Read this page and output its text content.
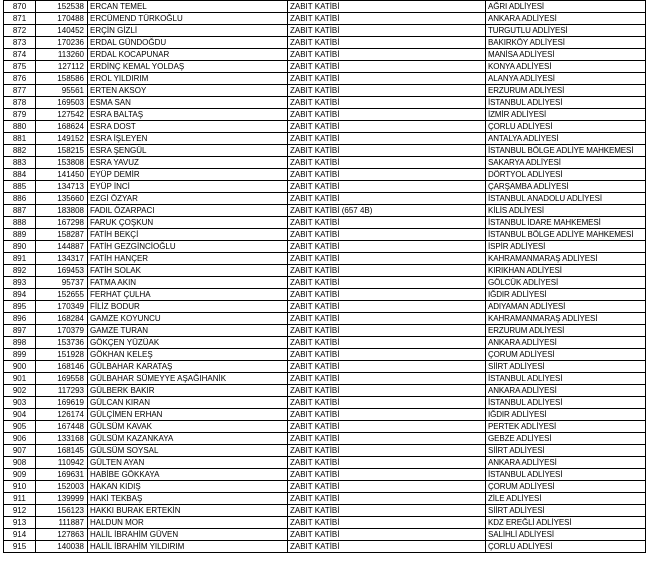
870	152538	ERCAN TEMEL	ZABIT KATİBİ	AĞRI ADLİYESİ
871	170488	ERCÜMEND TÜRKOĞLU	ZABIT KATİBİ	ANKARA ADLİYESİ
872	140452	ERÇİN GİZLİ	ZABIT KATİBİ	TURGUTLU ADLİYESİ
873	170236	ERDAL GÜNDOĞDU	ZABIT KATİBİ	BAKIRKÖY ADLİYESİ
874	113260	ERDAL KOCAPUNAR	ZABIT KATİBİ	MANİSA ADLİYESİ
875	127112	ERDİNÇ KEMAL YOLDAŞ	ZABIT KATİBİ	KONYA ADLİYESİ
876	158586	EROL YILDIRIM	ZABIT KATİBİ	ALANYA ADLİYESİ
877	95561	ERTEN AKSOY	ZABIT KATİBİ	ERZURUM ADLİYESİ
878	169503	ESMA SAN	ZABIT KATİBİ	İSTANBUL ADLİYESİ
879	127542	ESRA BALTAŞ	ZABIT KATİBİ	İZMİR ADLİYESİ
880	168624	ESRA DOST	ZABIT KATİBİ	ÇORLU ADLİYESİ
881	149152	ESRA İŞLEYEN	ZABIT KATİBİ	ANTALYA ADLİYESİ
882	158215	ESRA ŞENGÜL	ZABIT KATİBİ	İSTANBUL BÖLGE ADLİYE MAHKEMESİ
883	153808	ESRA YAVUZ	ZABIT KATİBİ	SAKARYA ADLİYESİ
884	141450	EYÜP DEMİR	ZABIT KATİBİ	DÖRTYOL ADLİYESİ
885	134713	EYÜP İNCİ	ZABIT KATİBİ	ÇARŞAMBA ADLİYESİ
886	135660	EZGİ ÖZYAR	ZABIT KATİBİ	İSTANBUL ANADOLU ADLİYESİ
887	183808	FADIL ÖZARPACI	ZABIT KATİBİ (657 4B)	KİLİS ADLİYESİ
888	167298	FARUK ÇOŞKUN	ZABIT KATİBİ	İSTANBUL İDARE MAHKEMESİ
889	158287	FATİH BEKÇİ	ZABIT KATİBİ	İSTANBUL BÖLGE ADLİYE MAHKEMESİ
890	144887	FATİH GEZGİNCİOĞLU	ZABIT KATİBİ	İSPİR ADLİYESİ
891	134317	FATİH HANÇER	ZABIT KATİBİ	KAHRAMANMARAŞ ADLİYESİ
892	169453	FATİH SOLAK	ZABIT KATİBİ	KIRIKHAN ADLİYESİ
893	95737	FATMA AKIN	ZABIT KATİBİ	GÖLCÜK ADLİYESİ
894	152655	FERHAT ÇULHA	ZABIT KATİBİ	IĞDIR ADLİYESİ
895	170349	FİLİZ BODUR	ZABIT KATİBİ	ADIYAMAN ADLİYESİ
896	168284	GAMZE KOYUNCU	ZABIT KATİBİ	KAHRAMANMARAŞ ADLİYESİ
897	170379	GAMZE TURAN	ZABIT KATİBİ	ERZURUM ADLİYESİ
898	153736	GÖKÇEN YÜZÜAK	ZABIT KATİBİ	ANKARA ADLİYESİ
899	151928	GÖKHAN KELEŞ	ZABIT KATİBİ	ÇORUM ADLİYESİ
900	168146	GÜLBAHAR KARATAŞ	ZABIT KATİBİ	SİİRT ADLİYESİ
901	169558	GÜLBAHAR SÜMEYYE AŞAĞIHANİK	ZABIT KATİBİ	İSTANBUL ADLİYESİ
902	117293	GÜLBERK BAKIR	ZABIT KATİBİ	ANKARA ADLİYESİ
903	169619	GÜLCAN KIRAN	ZABIT KATİBİ	İSTANBUL ADLİYESİ
904	126174	GÜLÇİMEN ERHAN	ZABIT KATİBİ	IĞDIR ADLİYESİ
905	167448	GÜLSÜM KAVAK	ZABIT KATİBİ	PERTEK ADLİYESİ
906	133168	GÜLSÜM KAZANKAYA	ZABIT KATİBİ	GEBZE ADLİYESİ
907	168145	GÜLSÜM SOYSAL	ZABIT KATİBİ	SİİRT ADLİYESİ
908	110942	GÜLTEN AYAN	ZABIT KATİBİ	ANKARA ADLİYESİ
909	169631	HABİBE GÖKKAYA	ZABIT KATİBİ	İSTANBUL ADLİYESİ
910	152003	HAKAN KIDIŞ	ZABIT KATİBİ	ÇORUM ADLİYESİ
911	139999	HAKİ TEKBAŞ	ZABIT KATİBİ	ZİLE ADLİYESİ
912	156123	HAKKI BURAK ERTEKİN	ZABIT KATİBİ	SİİRT ADLİYESİ
913	111887	HALDUN MOR	ZABIT KATİBİ	KDZ EREĞLİ ADLİYESİ
914	127863	HALİL İBRAHİM GÜVEN	ZABIT KATİBİ	SALİHLİ ADLİYESİ
915	140038	HALİL İBRAHİM YILDIRIM	ZABIT KATİBİ	ÇORLU ADLİYESİ
